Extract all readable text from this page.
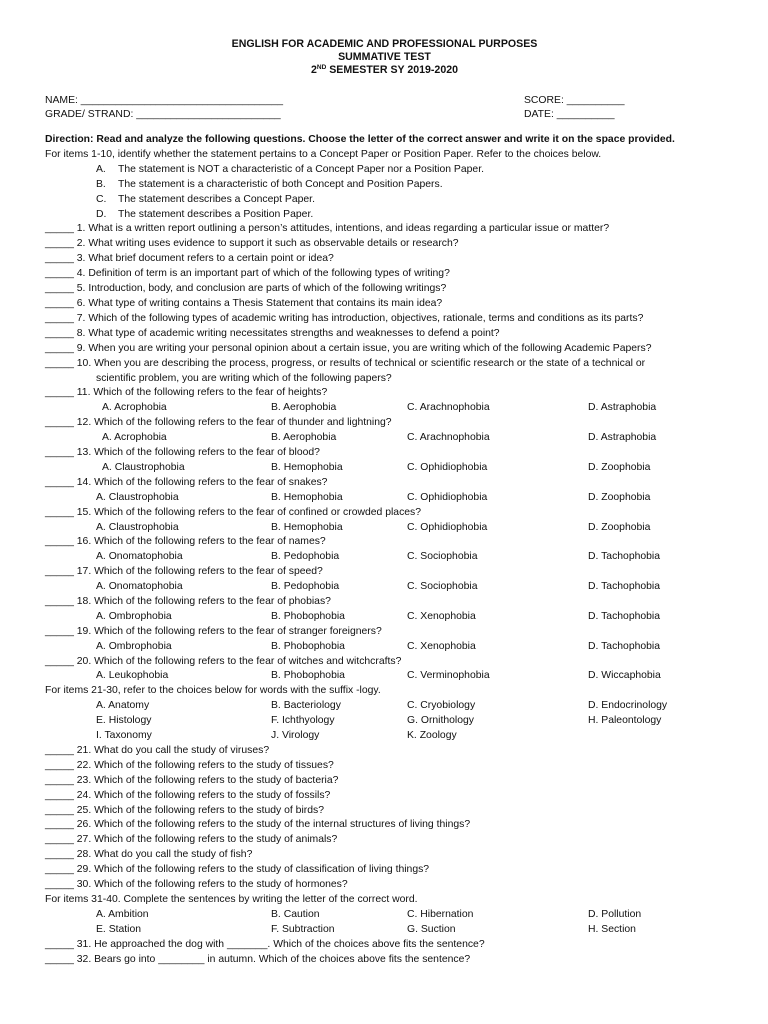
ENGLISH FOR ACADEMIC AND PROFESSIONAL PURPOSES
SUMMATIVE TEST
2ND SEMESTER SY 2019-2020
NAME: ___________________________________
GRADE/ STRAND: _________________________
SCORE: __________
DATE: __________
Direction: Read and analyze the following questions. Choose the letter of the correct answer and write it on the space provided.
For items 1-10, identify whether the statement pertains to a Concept Paper or Position Paper. Refer to the choices below.
A.	The statement is NOT a characteristic of a Concept Paper nor a Position Paper.
B.	The statement is a characteristic of both Concept and Position Papers.
C.	The statement describes a Concept Paper.
D.	The statement describes a Position Paper.
_____ 1. What is a written report outlining a person’s attitudes, intentions, and ideas regarding a particular issue or matter?
_____ 2. What writing uses evidence to support it such as observable details or research?
_____ 3. What brief document refers to a certain point or idea?
_____ 4. Definition of term is an important part of which of the following types of writing?
_____ 5. Introduction, body, and conclusion are parts of which of the following writings?
_____ 6. What type of writing contains a Thesis Statement that contains its main idea?
_____ 7. Which of the following types of academic writing has introduction, objectives, rationale, terms and conditions as its parts?
_____ 8. What type of academic writing necessitates strengths and weaknesses to defend a point?
_____ 9. When you are writing your personal opinion about a certain issue, you are writing which of the following Academic Papers?
_____ 10. When you are describing the process, progress, or results of technical or scientific research or the state of a technical or
scientific problem, you are writing which of the following papers?
_____ 11. Which of the following refers to the fear of heights?
A. Acrophobia	B. Aerophobia	C. Arachnophobia	D. Astraphobia
_____ 12. Which of the following refers to the fear of thunder and lightning?
A. Acrophobia	B. Aerophobia	C. Arachnophobia	D. Astraphobia
_____ 13. Which of the following refers to the fear of blood?
A. Claustrophobia	B. Hemophobia	C. Ophidiophobia	D. Zoophobia
_____ 14. Which of the following refers to the fear of snakes?
A. Claustrophobia	B. Hemophobia	C. Ophidiophobia	D. Zoophobia
_____ 15. Which of the following refers to the fear of confined or crowded places?
A. Claustrophobia	B. Hemophobia	C. Ophidiophobia	D. Zoophobia
_____ 16. Which of the following refers to the fear of names?
A. Onomatophobia	B. Pedophobia	C. Sociophobia	D. Tachophobia
_____ 17. Which of the following refers to the fear of speed?
A. Onomatophobia	B. Pedophobia	C. Sociophobia	D. Tachophobia
_____ 18. Which of the following refers to the fear of phobias?
A. Ombrophobia	B. Phobophobia	C. Xenophobia	D. Tachophobia
_____ 19. Which of the following refers to the fear of stranger foreigners?
A. Ombrophobia	B. Phobophobia	C. Xenophobia	D. Tachophobia
_____ 20. Which of the following refers to the fear of witches and witchcrafts?
A. Leukophobia	B. Phobophobia	C. Verminophobia	D. Wiccaphobia
For items 21-30, refer to the choices below for words with the suffix -logy.
A. Anatomy	B. Bacteriology	C. Cryobiology	D. Endocrinology
E. Histology	F. Ichthyology	G. Ornithology	H. Paleontology
I. Taxonomy	J. Virology	K. Zoology
_____ 21. What do you call the study of viruses?
_____ 22. Which of the following refers to the study of tissues?
_____ 23. Which of the following refers to the study of bacteria?
_____ 24. Which of the following refers to the study of fossils?
_____ 25. Which of the following refers to the study of birds?
_____ 26. Which of the following refers to the study of the internal structures of living things?
_____ 27. Which of the following refers to the study of animals?
_____ 28. What do you call the study of fish?
_____ 29. Which of the following refers to the study of classification of living things?
_____ 30. Which of the following refers to the study of hormones?
For items 31-40. Complete the sentences by writing the letter of the correct word.
A. Ambition	B. Caution	C. Hibernation	D. Pollution
E. Station	F. Subtraction	G. Suction	H. Section
_____ 31. He approached the dog with _______. Which of the choices above fits the sentence?
_____ 32. Bears go into ________ in autumn. Which of the choices above fits the sentence?
